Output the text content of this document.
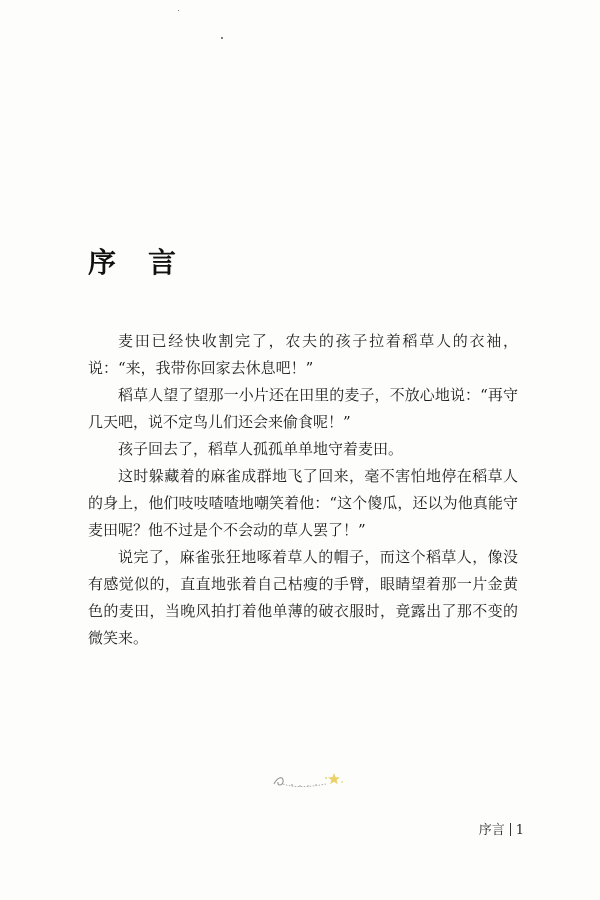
序　言

麦田已经快收割完了，农夫的孩子拉着稻草人的衣袖，说：“来，我带你回家去休息吧！”

稻草人望了望那一小片还在田里的麦子，不放心地说：“再守几天吧，说不定鸟儿们还会来偷食呢！”

孩子回去了，稻草人孤孤单单地守着麦田。

这时躲藏着的麻雀成群地飞了回来，毫不害怕地停在稻草人的身上，他们吱吱喳喳地嘲笑着他：“这个傻瓜，还以为他真能守麦田呢？他不过是个不会动的草人罢了！”

说完了，麻雀张狂地啄着草人的帽子，而这个稻草人，像没有感觉似的，直直地张着自己枯瘦的手臂，眼睛望着那一片金黄色的麦田，当晚风拍打着他单薄的破衣服时，竟露出了那不变的微笑来。

序言 1
